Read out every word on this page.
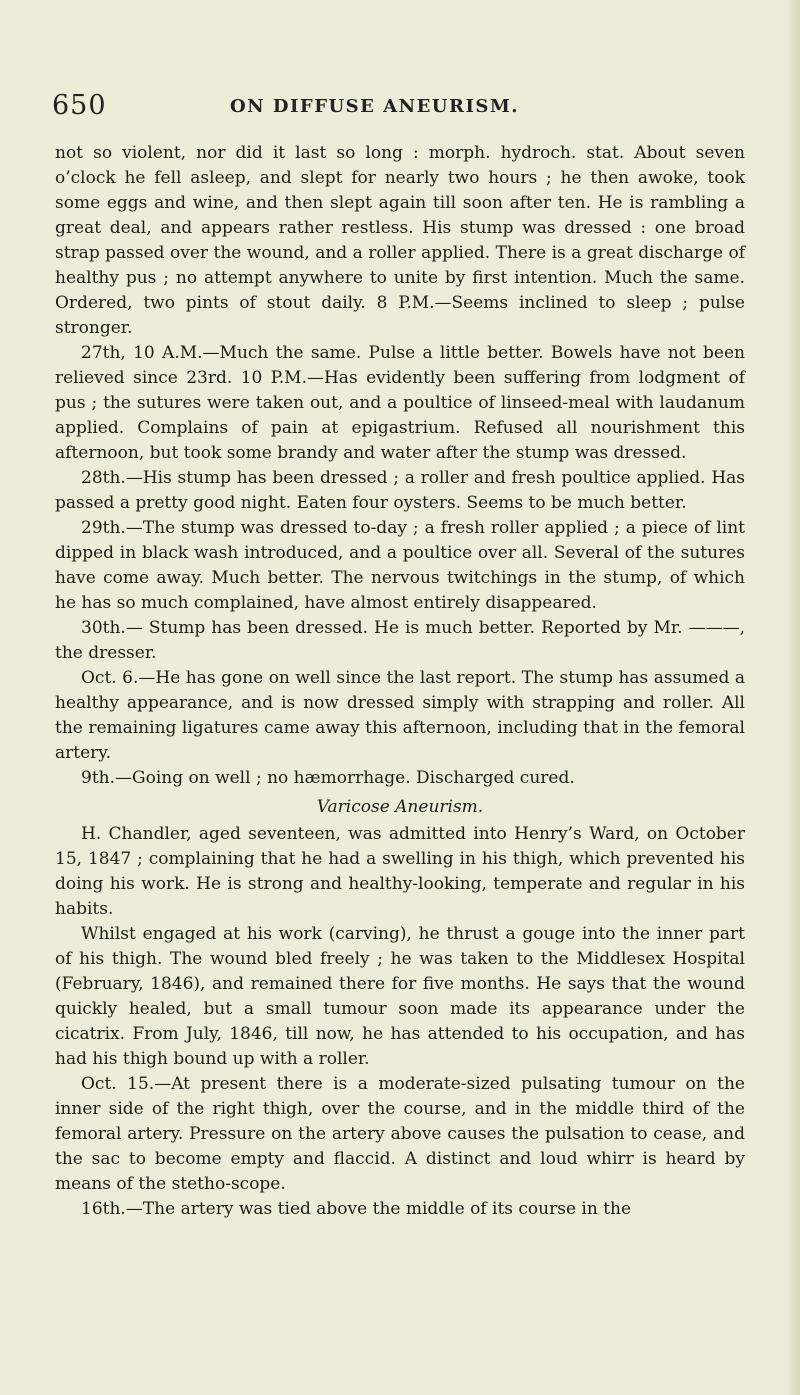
650	ON DIFFUSE ANEURISM.

not so violent, nor did it last so long : morph. hydroch. stat. About seven o’clock he fell asleep, and slept for nearly two hours ; he then awoke, took some eggs and wine, and then slept again till soon after ten. He is rambling a great deal, and appears rather restless. His stump was dressed : one broad strap passed over the wound, and a roller applied. There is a great discharge of healthy pus ; no attempt anywhere to unite by first intention. Much the same. Ordered, two pints of stout daily. 8 P.M.—Seems inclined to sleep ; pulse stronger.

27th, 10 A.M.—Much the same. Pulse a little better. Bowels have not been relieved since 23rd. 10 P.M.—Has evidently been suffering from lodgment of pus ; the sutures were taken out, and a poultice of linseed-meal with laudanum applied. Complains of pain at epigastrium. Refused all nourishment this afternoon, but took some brandy and water after the stump was dressed.

28th.—His stump has been dressed ; a roller and fresh poultice applied. Has passed a pretty good night. Eaten four oysters. Seems to be much better.

29th.—The stump was dressed to-day ; a fresh roller applied ; a piece of lint dipped in black wash introduced, and a poultice over all. Several of the sutures have come away. Much better. The nervous twitchings in the stump, of which he has so much complained, have almost entirely disappeared.

30th.— Stump has been dressed. He is much better. Reported by Mr. ———, the dresser.

Oct. 6.—He has gone on well since the last report. The stump has assumed a healthy appearance, and is now dressed simply with strapping and roller. All the remaining ligatures came away this afternoon, including that in the femoral artery.

9th.—Going on well ; no hæmorrhage. Discharged cured.

Varicose Aneurism.

H. Chandler, aged seventeen, was admitted into Henry’s Ward, on October 15, 1847 ; complaining that he had a swelling in his thigh, which prevented his doing his work. He is strong and healthy-looking, temperate and regular in his habits.

Whilst engaged at his work (carving), he thrust a gouge into the inner part of his thigh. The wound bled freely ; he was taken to the Middlesex Hospital (February, 1846), and remained there for five months. He says that the wound quickly healed, but a small tumour soon made its appearance under the cicatrix. From July, 1846, till now, he has attended to his occupation, and has had his thigh bound up with a roller.

Oct. 15.—At present there is a moderate-sized pulsating tumour on the inner side of the right thigh, over the course, and in the middle third of the femoral artery. Pressure on the artery above causes the pulsation to cease, and the sac to become empty and flaccid. A distinct and loud whirr is heard by means of the stetho-scope.

16th.—The artery was tied above the middle of its course in the
